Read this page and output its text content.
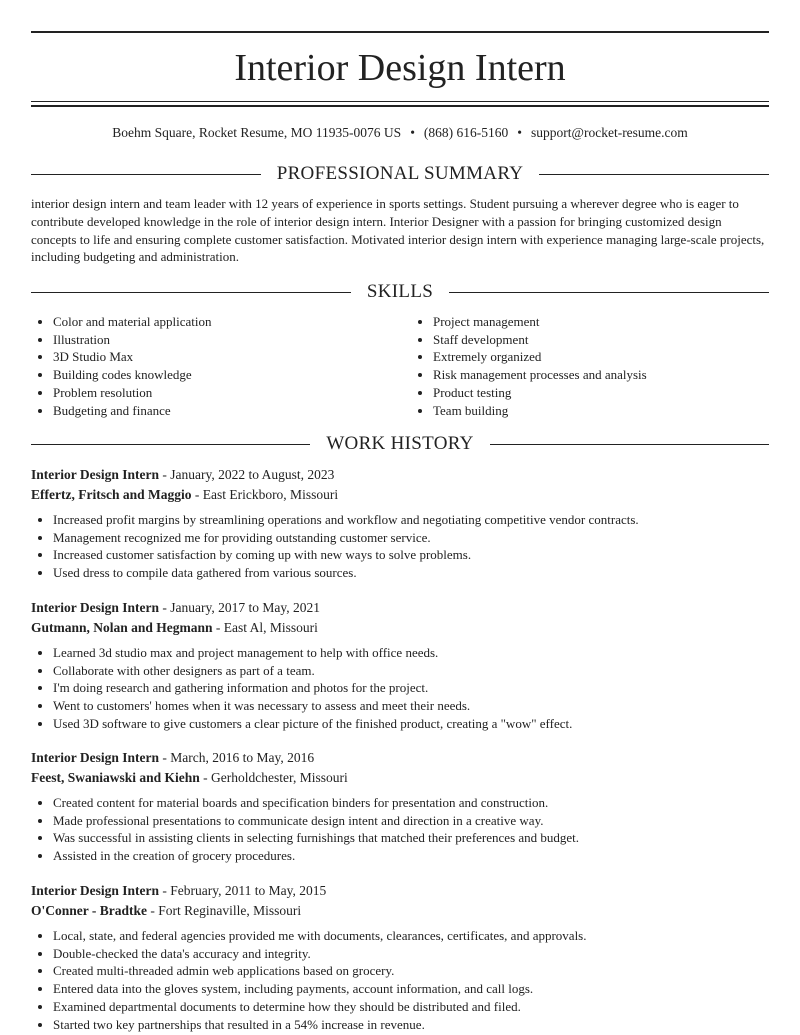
Interior Design Intern
Boehm Square, Rocket Resume, MO 11935-0076 US • (868) 616-5160 • support@rocket-resume.com
PROFESSIONAL SUMMARY

interior design intern and team leader with 12 years of experience in sports settings. Student pursuing a wherever degree who is eager to contribute developed knowledge in the role of interior design intern. Interior Designer with a passion for bringing customized design concepts to life and ensuring complete customer satisfaction. Motivated interior design intern with experience managing large-scale projects, including budgeting and administration.

SKILLS
• Color and material application
• Illustration
• 3D Studio Max
• Building codes knowledge
• Problem resolution
• Budgeting and finance
• Project management
• Staff development
• Extremely organized
• Risk management processes and analysis
• Product testing
• Team building
WORK HISTORY
Interior Design Intern - January, 2022 to August, 2023
Effertz, Fritsch and Maggio - East Erickboro, Missouri
• Increased profit margins by streamlining operations and workflow and negotiating competitive vendor contracts.
• Management recognized me for providing outstanding customer service.
• Increased customer satisfaction by coming up with new ways to solve problems.
• Used dress to compile data gathered from various sources.
Interior Design Intern - January, 2017 to May, 2021
Gutmann, Nolan and Hegmann - East Al, Missouri
• Learned 3d studio max and project management to help with office needs.
• Collaborate with other designers as part of a team.
• I'm doing research and gathering information and photos for the project.
• Went to customers' homes when it was necessary to assess and meet their needs.
• Used 3D software to give customers a clear picture of the finished product, creating a "wow" effect.
Interior Design Intern - March, 2016 to May, 2016
Feest, Swaniawski and Kiehn - Gerholdchester, Missouri
• Created content for material boards and specification binders for presentation and construction.
• Made professional presentations to communicate design intent and direction in a creative way.
• Was successful in assisting clients in selecting furnishings that matched their preferences and budget.
• Assisted in the creation of grocery procedures.
Interior Design Intern - February, 2011 to May, 2015
O'Conner - Bradtke - Fort Reginaville, Missouri
• Local, state, and federal agencies provided me with documents, clearances, certificates, and approvals.
• Double-checked the data's accuracy and integrity.
• Created multi-threaded admin web applications based on grocery.
• Entered data into the gloves system, including payments, account information, and call logs.
• Examined departmental documents to determine how they should be distributed and filed.
• Started two key partnerships that resulted in a 54% increase in revenue.
